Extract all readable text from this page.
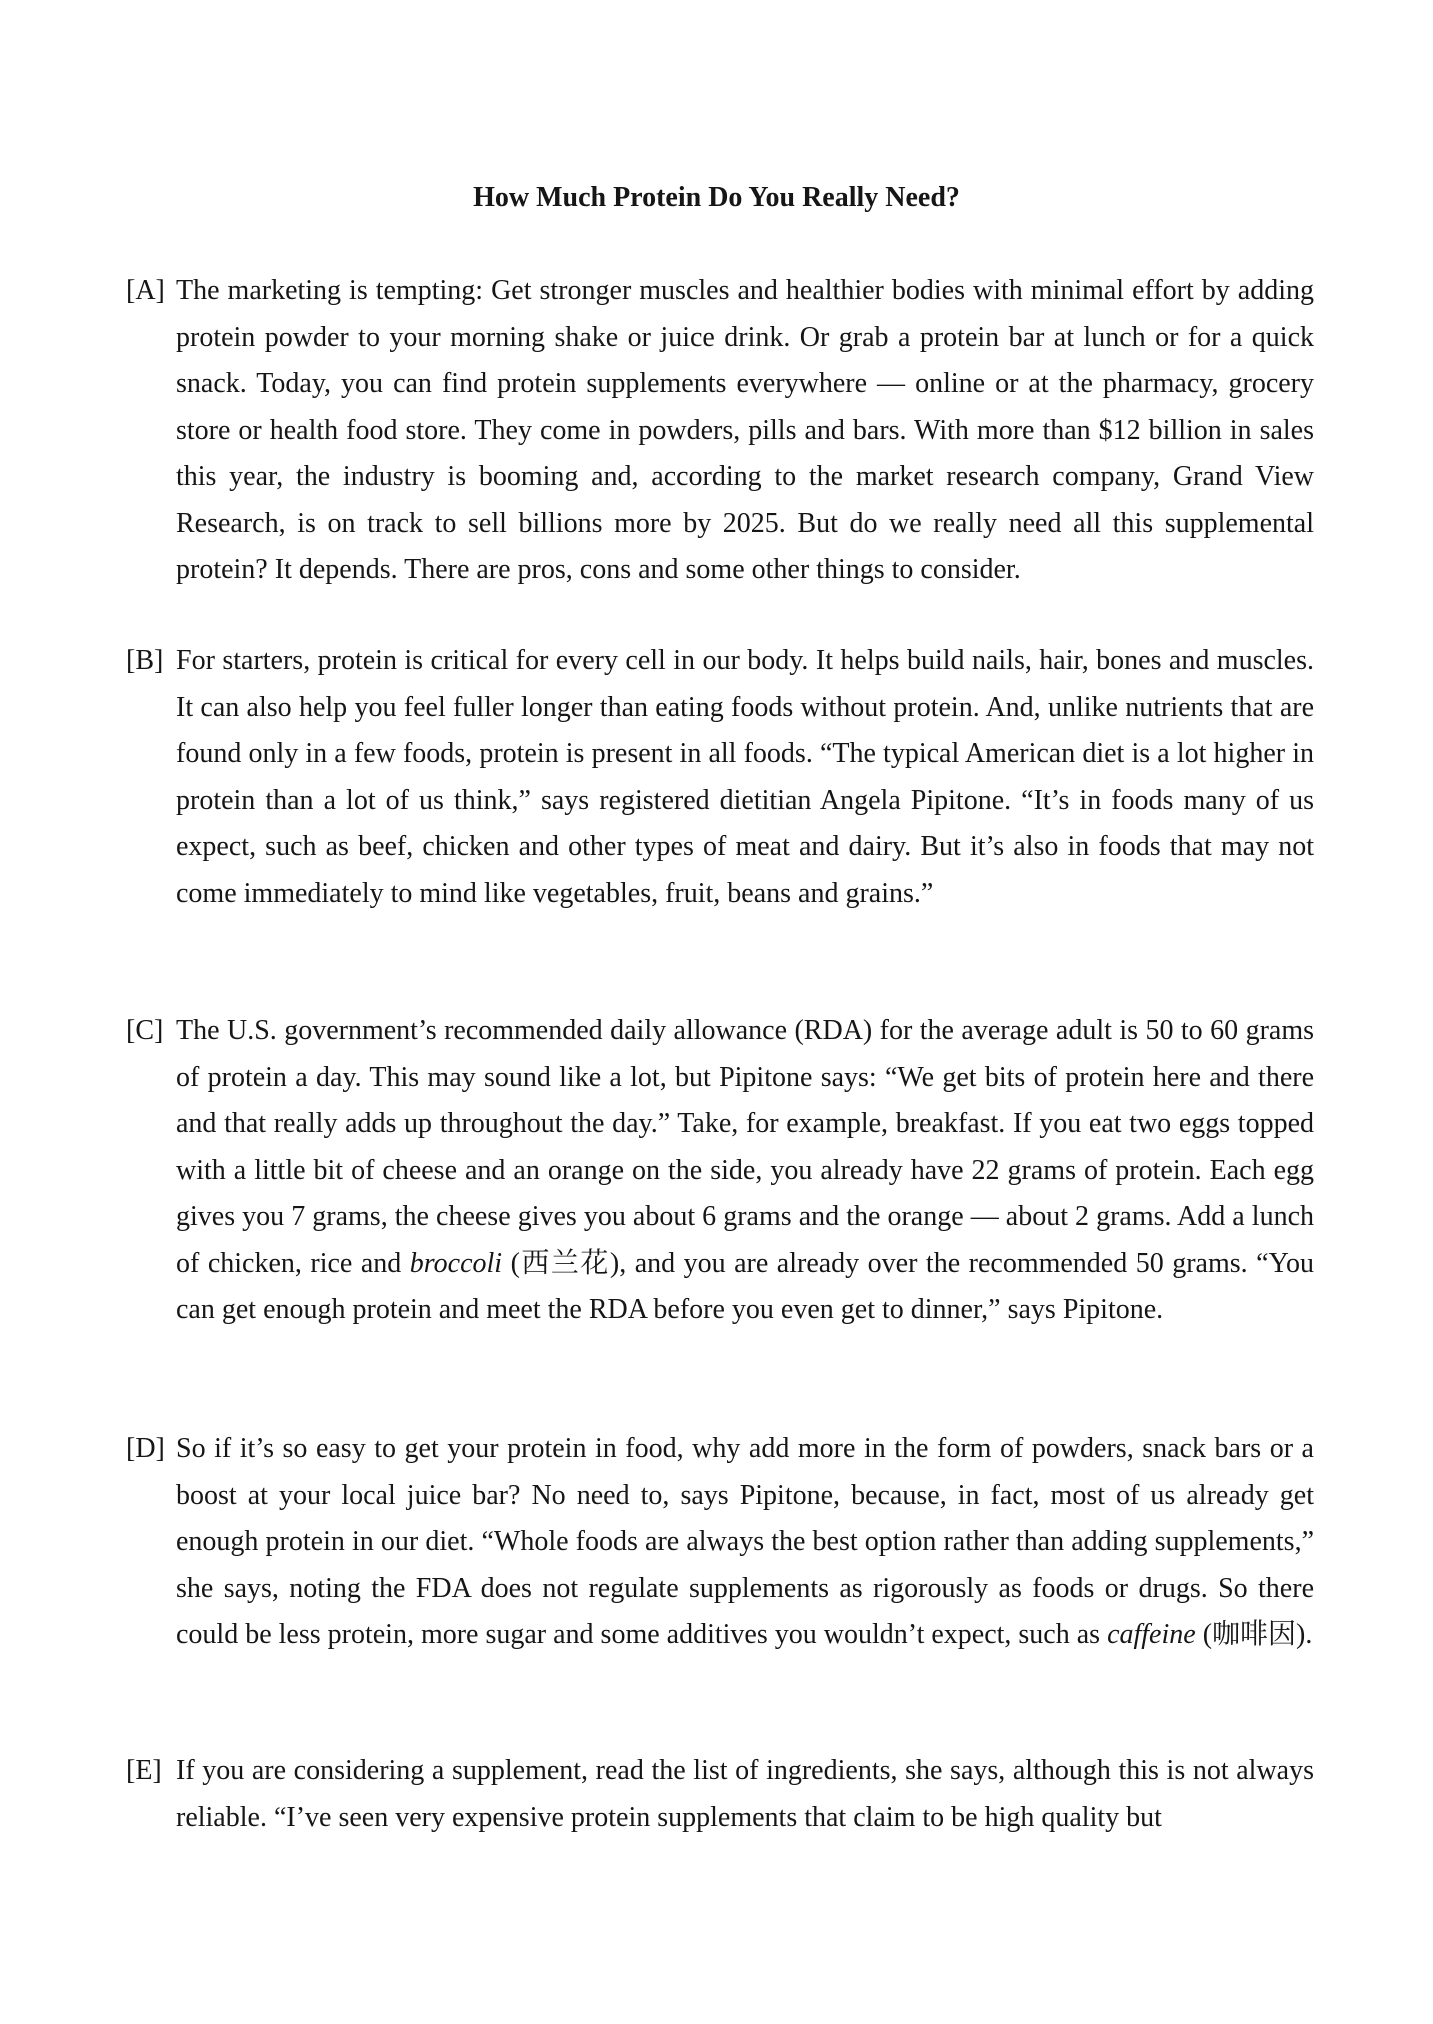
How Much Protein Do You Really Need?

[A] The marketing is tempting: Get stronger muscles and healthier bodies with minimal effort by adding protein powder to your morning shake or juice drink. Or grab a protein bar at lunch or for a quick snack. Today, you can find protein supplements everywhere — online or at the pharmacy, grocery store or health food store. They come in powders, pills and bars. With more than $12 billion in sales this year, the industry is booming and, according to the market research company, Grand View Research, is on track to sell billions more by 2025. But do we really need all this supplemental protein? It depends. There are pros, cons and some other things to consider.

[B] For starters, protein is critical for every cell in our body. It helps build nails, hair, bones and muscles. It can also help you feel fuller longer than eating foods without protein. And, unlike nutrients that are found only in a few foods, protein is present in all foods. “The typical American diet is a lot higher in protein than a lot of us think,” says registered dietitian Angela Pipitone. “It’s in foods many of us expect, such as beef, chicken and other types of meat and dairy. But it’s also in foods that may not come immediately to mind like vegetables, fruit, beans and grains.”

[C] The U.S. government’s recommended daily allowance (RDA) for the average adult is 50 to 60 grams of protein a day. This may sound like a lot, but Pipitone says: “We get bits of protein here and there and that really adds up throughout the day.” Take, for example, breakfast. If you eat two eggs topped with a little bit of cheese and an orange on the side, you already have 22 grams of protein. Each egg gives you 7 grams, the cheese gives you about 6 grams and the orange — about 2 grams. Add a lunch of chicken, rice and broccoli (西兰花), and you are already over the recommended 50 grams. “You can get enough protein and meet the RDA before you even get to dinner,” says Pipitone.

[D] So if it’s so easy to get your protein in food, why add more in the form of powders, snack bars or a boost at your local juice bar? No need to, says Pipitone, because, in fact, most of us already get enough protein in our diet. “Whole foods are always the best option rather than adding supplements,” she says, noting the FDA does not regulate supplements as rigorously as foods or drugs. So there could be less protein, more sugar and some additives you wouldn’t expect, such as caffeine (咖啡因).

[E] If you are considering a supplement, read the list of ingredients, she says, although this is not always reliable. “I’ve seen very expensive protein supplements that claim to be high quality but
